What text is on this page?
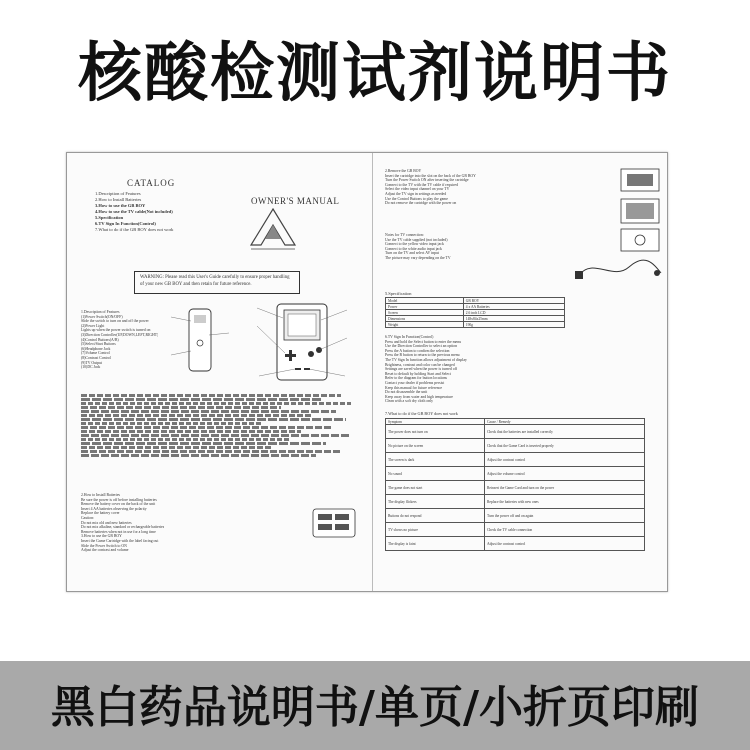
核酸检测试剂说明书
CATALOG
1.Description of Features
2.How to Install Batteries
3.How to use the GB BOY
4.How to use the TV cable(Not included)
5.Specification
6.TV Sign In Function(Control)
7.What to do if the GB BOY does not work
OWNER'S MANUAL
WARNING: Please read this User's Guide carefully to ensure proper handling of your new GB BOY and then retain for future reference.
1.Description of Features
(1)Power Switch(ON/OFF)
Slide the switch to turn on and off the power
(2)Power Light
Lights up when the power switch is turned on
(3)Direction Controller(UP,DOWN,LEFT,RIGHT)
(4)Control Buttons(A/B)
(5)Select/Start Buttons
(6)Headphone Jack
(7)Volume Control
(8)Contrast Control
(9)TV Output
(10)DC Jack
2.How to Install Batteries
Be sure the power is off before installing batteries
Remove the battery cover on the back of the unit
Insert 4 AA batteries observing the polarity
Replace the battery cover
Caution:
Do not mix old and new batteries
Do not mix alkaline, standard or rechargeable batteries
Remove batteries when not in use for a long time
3.How to use the GB BOY
Insert the Game Cartridge with the label facing out
Slide the Power Switch to ON
Adjust the contrast and volume
2.Remove the GB BOY
Insert the cartridge into the slot on the back of the GB BOY
Turn the Power Switch ON after inserting the cartridge
Connect to the TV with the TV cable if required
Select the video input channel on your TV
Adjust the TV sign in settings as needed
Use the Control Buttons to play the game
Do not remove the cartridge with the power on
Notes for TV connection:
Use the TV cable supplied (not included)
Connect to the yellow video input jack
Connect to the white audio input jack
Turn on the TV and select AV input
The picture may vary depending on the TV
5.Specification
Model	GB BOY
Power	4 x AA Batteries
Screen	2.6 inch LCD
Dimensions	148x84x25mm
Weight	190g
6.TV Sign In Function(Control)
Press and hold the Select button to enter the menu
Use the Direction Controller to select an option
Press the A button to confirm the selection
Press the B button to return to the previous menu
The TV Sign In function allows adjustment of display
Brightness, contrast and color can be changed
Settings are saved when the power is turned off
Reset to default by holding Start and Select
Refer to the diagram for button locations
Contact your dealer if problems persist
Keep this manual for future reference
Do not disassemble the unit
Keep away from water and high temperature
Clean with a soft dry cloth only
7.What to do if the GB BOY does not work
Symptom	Cause / Remedy
The power does not turn on	Check that the batteries are installed correctly
No picture on the screen	Check that the Game Card is inserted properly
The screen is dark	Adjust the contrast control
No sound	Adjust the volume control
The game does not start	Reinsert the Game Card and turn on the power
The display flickers	Replace the batteries with new ones
Buttons do not respond	Turn the power off and on again
TV shows no picture	Check the TV cable connection
The display is faint	Adjust the contrast control
黑白药品说明书/单页/小折页印刷
